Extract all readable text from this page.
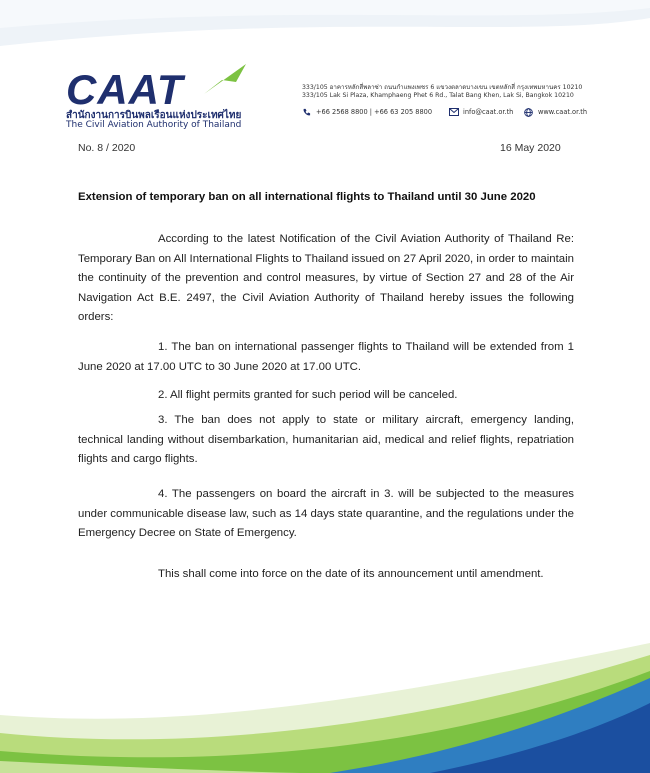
CAAT
สำนักงานการบินพลเรือนแห่งประเทศไทย
The Civil Aviation Authority of Thailand
333/105 อาคารหลักสี่พลาซ่า ถนนกำแพงเพชร 6 แขวงตลาดบางเขน เขตหลักสี่ กรุงเทพมหานคร 10210
333/105 Lak Si Plaza, Khamphaeng Phet 6 Rd., Talat Bang Khen, Lak Si, Bangkok 10210
+66 2568 8800 | +66 63 205 8800	info@caat.or.th	www.caat.or.th
No. 8 / 2020	16 May 2020
Extension of temporary ban on all international flights to Thailand until 30 June 2020
According to the latest Notification of the Civil Aviation Authority of Thailand Re: Temporary Ban on All International Flights to Thailand issued on 27 April 2020, in order to maintain the continuity of the prevention and control measures, by virtue of Section 27 and 28 of the Air Navigation Act B.E. 2497, the Civil Aviation Authority of Thailand hereby issues the following orders:
1. The ban on international passenger flights to Thailand will be extended from 1 June 2020 at 17.00 UTC to 30 June 2020 at 17.00 UTC.
2. All flight permits granted for such period will be canceled.
3. The ban does not apply to state or military aircraft, emergency landing, technical landing without disembarkation, humanitarian aid, medical and relief flights, repatriation flights and cargo flights.
4. The passengers on board the aircraft in 3. will be subjected to the measures under communicable disease law, such as 14 days state quarantine, and the regulations under the Emergency Decree on State of Emergency.
This shall come into force on the date of its announcement until amendment.
